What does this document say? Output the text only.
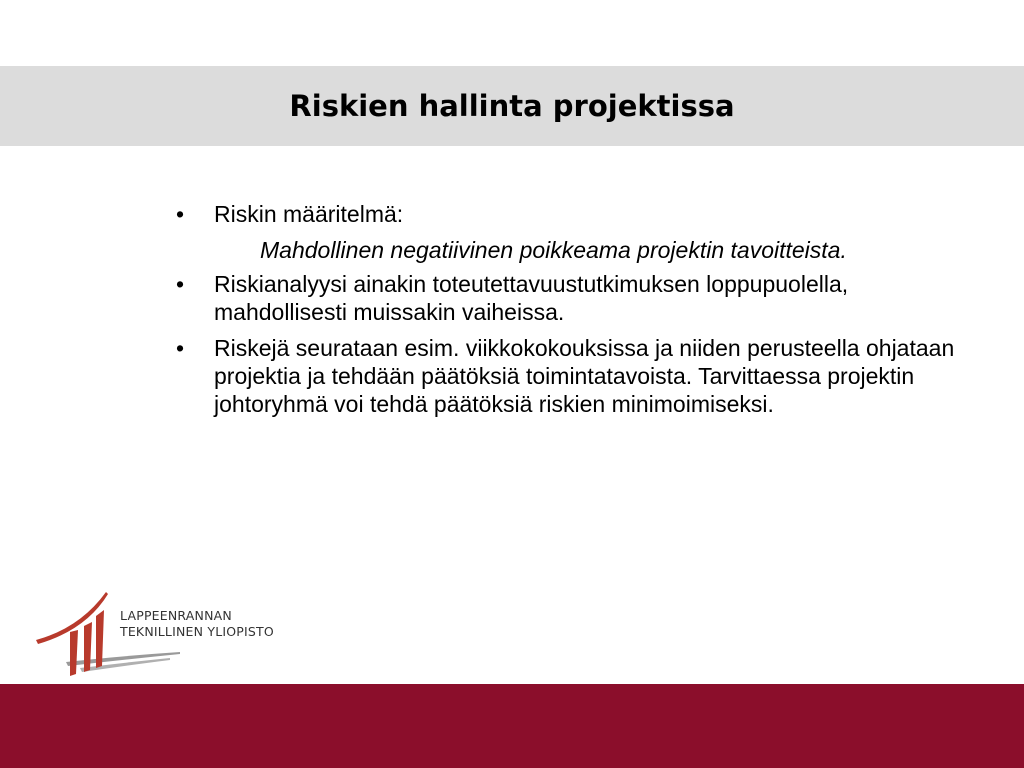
Riskien hallinta projektissa
•	Riskin määritelmä:
Mahdollinen negatiivinen poikkeama projektin tavoitteista.
•	Riskianalyysi ainakin toteutettavuustutkimuksen loppupuolella, mahdollisesti muissakin vaiheissa.
•	Riskejä seurataan esim. viikkokokouksissa ja niiden perusteella ohjataan projektia ja tehdään päätöksiä toimintatavoista. Tarvittaessa projektin johtoryhmä voi tehdä päätöksiä riskien minimoimiseksi.
LAPPEENRANNAN
TEKNILLINEN YLIOPISTO
